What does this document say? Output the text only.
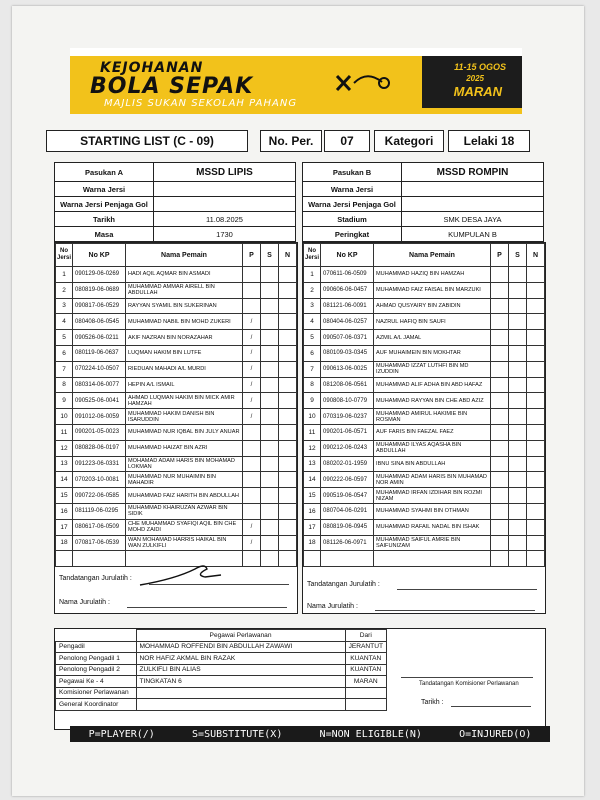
KEJOHANAN
BOLA SEPAK
MAJLIS SUKAN SEKOLAH PAHANG
11-15 OGOS
2025
MARAN
STARTING LIST (C - 09)	No. Per.	07	Kategori	Lelaki 18
Pasukan A	MSSD LIPIS
Warna Jersi	
Warna Jersi Penjaga Gol	
Tarikh	11.08.2025
Masa	1730
Pasukan B	MSSD ROMPIN
Warna Jersi	
Warna Jersi Penjaga Gol	
Stadium	SMK DESA JAYA
Peringkat	KUMPULAN B
No
Jersi	No KP	Nama Pemain	P	S	N
1	090129-06-0269	HADI AQIL AQMAR BIN ASMADI			
2	080819-06-0689	MUHAMMAD AMMAR AIRELL BIN ABDULLAH			
3	090817-06-0529	RAYYAN SYAMIL BIN SUKERINAN			
4	080408-06-0545	MUHAMMAD NABIL BIN MOHD ZUKERI	/		
5	090526-06-0211	AKIF NAZRAN BIN NORAZAHAR	/		
6	080119-06-0637	LUQMAN HAKIM BIN LUTFE	/		
7	070224-10-0507	RIEDUAN MAHADI A/L MURDI	/		
8	080314-06-0077	HEPIN A/L ISMAIL	/		
9	090525-06-0041	AHMAD LUQMAN HAKIM BIN MICK AMIR HAMZAH	/		
10	091012-06-0059	MUHAMMAD HAKIM DANISH BIN ISARUDDIN	/		
11	090201-05-0023	MUHAMMAD NUR IQBAL BIN JULY ANUAR			
12	080828-06-0197	MUHAMMAD HAIZAT BIN AZRI			
13	091223-06-0331	MOHAMAD ADAM HARIS BIN MOHAMAD LOKMAN			
14	070203-10-0081	MUHAMMAD NUR MUHAIMIN BIN MAHADIR			
15	090722-06-0585	MUHAMMAD FAIZ HARITH BIN ABDULLAH			
16	081119-06-0295	MUHAMMAD KHAIRUZAN AZWAR BIN SIDIK			
17	080617-06-0509	CHE MUHAMMAD SYAFIQI AQIL BIN CHE MOHD ZAIDI	/		
18	070817-06-0539	WAN MOHAMAD HARRIS HAIKAL BIN WAN ZULKIFLI	/		

Tandatangan Jurulatih :
Nama Jurulatih :
No
Jersi	No KP	Nama Pemain	P	S	N
1	070611-06-0509	MUHAMMAD HAZIQ BIN HAMZAH			
2	090606-06-0457	MUHAMMAD FAIZ FAISAL BIN MARZUKI			
3	081121-06-0091	AHMAD QUSYAIRY BIN ZABIDIN			
4	080404-06-0257	NAZRUL HAFIQ BIN SAUFI			
5	090507-06-0371	AZMIL A/L JAMAL			
6	080109-03-0345	AUF MUHAIMEIN BIN MOKHTAR			
7	090613-06-0025	MUHAMMAD IZZAT LUTHFI BIN MD IZUDDIN			
8	081208-06-0561	MUHAMMAD ALIF ADHA BIN ABD HAFAZ			
9	090808-10-0779	MUHAMMAD RAYYAN BIN CHE ABD AZIZ			
10	070319-06-0237	MUHAMMAD AMIRUL HAKIMIE BIN ROSMAN			
11	090201-06-0571	AUF FARIS BIN FAEZAL FAEZ			
12	090212-06-0243	MUHAMMAD ILYAS AQASHA BIN ABDULLAH			
13	080202-01-1959	IBNU SINA BIN ABDULLAH			
14	090222-06-0597	MUHAMMAD ADAM HARIS BIN MUHAMAD NOR AMIN			
15	090519-06-0547	MUHAMMAD IRFAN IZDIHAR BIN ROZMI NIZAM			
16	080704-06-0291	MUHAMMAD SYAHMI BIN OTHMAN			
17	080819-06-0945	MUHAMMAD RAFAIL NADAL BIN ISHAK			
18	081126-06-0971	MUHAMMAD SAIFUL AMRIE BIN SAIFUNIZAM			

Tandatangan Jurulatih :
Nama Jurulatih :
	Pegawai Perlawanan	Dari
Pengadil	MOHAMMAD ROFFENDI BIN ABDULLAH ZAWAWI	JERANTUT
Penolong Pengadil 1	NOR HAFIZ AKMAL BIN RAZAK	KUANTAN
Penolong Pengadil 2	ZULKIFLI BIN ALIAS	KUANTAN
Pegawai Ke - 4	TINGKATAN 6	MARAN
Komisioner Perlawanan		
General Koordinator		
Tandatangan Komisioner Perlawanan
Tarikh :
P=PLAYER(/)	S=SUBSTITUTE(X)	N=NON ELIGIBLE(N)	O=INJURED(O)
